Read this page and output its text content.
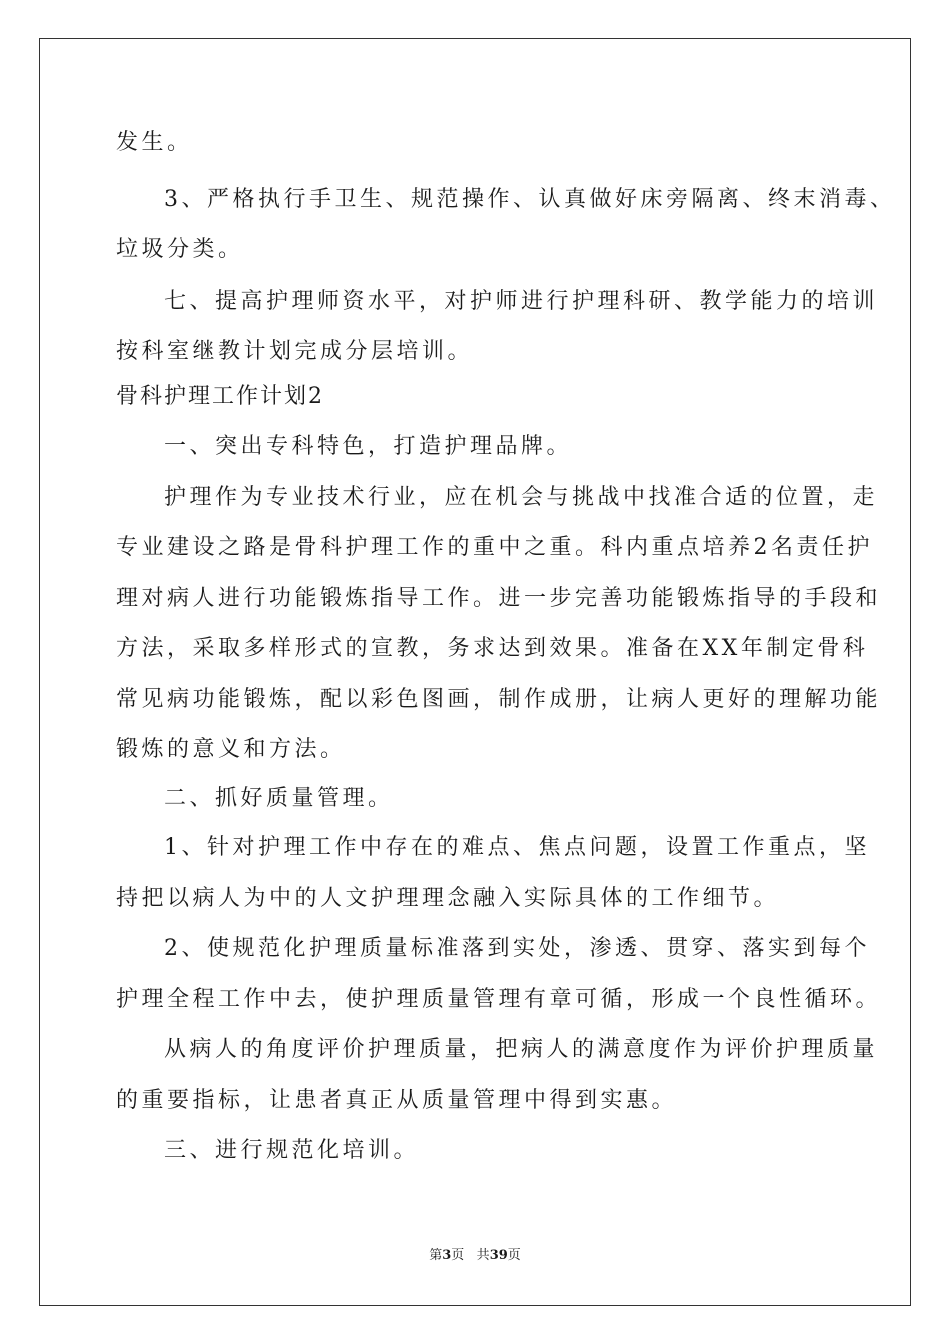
发生。

3、严格执行手卫生、规范操作、认真做好床旁隔离、终末消毒、

垃圾分类。

七、提高护理师资水平，对护师进行护理科研、教学能力的培训

按科室继教计划完成分层培训。

骨科护理工作计划2

一、突出专科特色，打造护理品牌。

护理作为专业技术行业，应在机会与挑战中找准合适的位置，走

专业建设之路是骨科护理工作的重中之重。科内重点培养2名责任护

理对病人进行功能锻炼指导工作。进一步完善功能锻炼指导的手段和

方法，采取多样形式的宣教，务求达到效果。准备在XX年制定骨科

常见病功能锻炼，配以彩色图画，制作成册，让病人更好的理解功能

锻炼的意义和方法。

二、抓好质量管理。

1、针对护理工作中存在的难点、焦点问题，设置工作重点，坚

持把以病人为中的人文护理理念融入实际具体的工作细节。

2、使规范化护理质量标准落到实处，渗透、贯穿、落实到每个

护理全程工作中去，使护理质量管理有章可循，形成一个良性循环。

从病人的角度评价护理质量，把病人的满意度作为评价护理质量

的重要指标，让患者真正从质量管理中得到实惠。

三、进行规范化培训。

第3页 共39页
